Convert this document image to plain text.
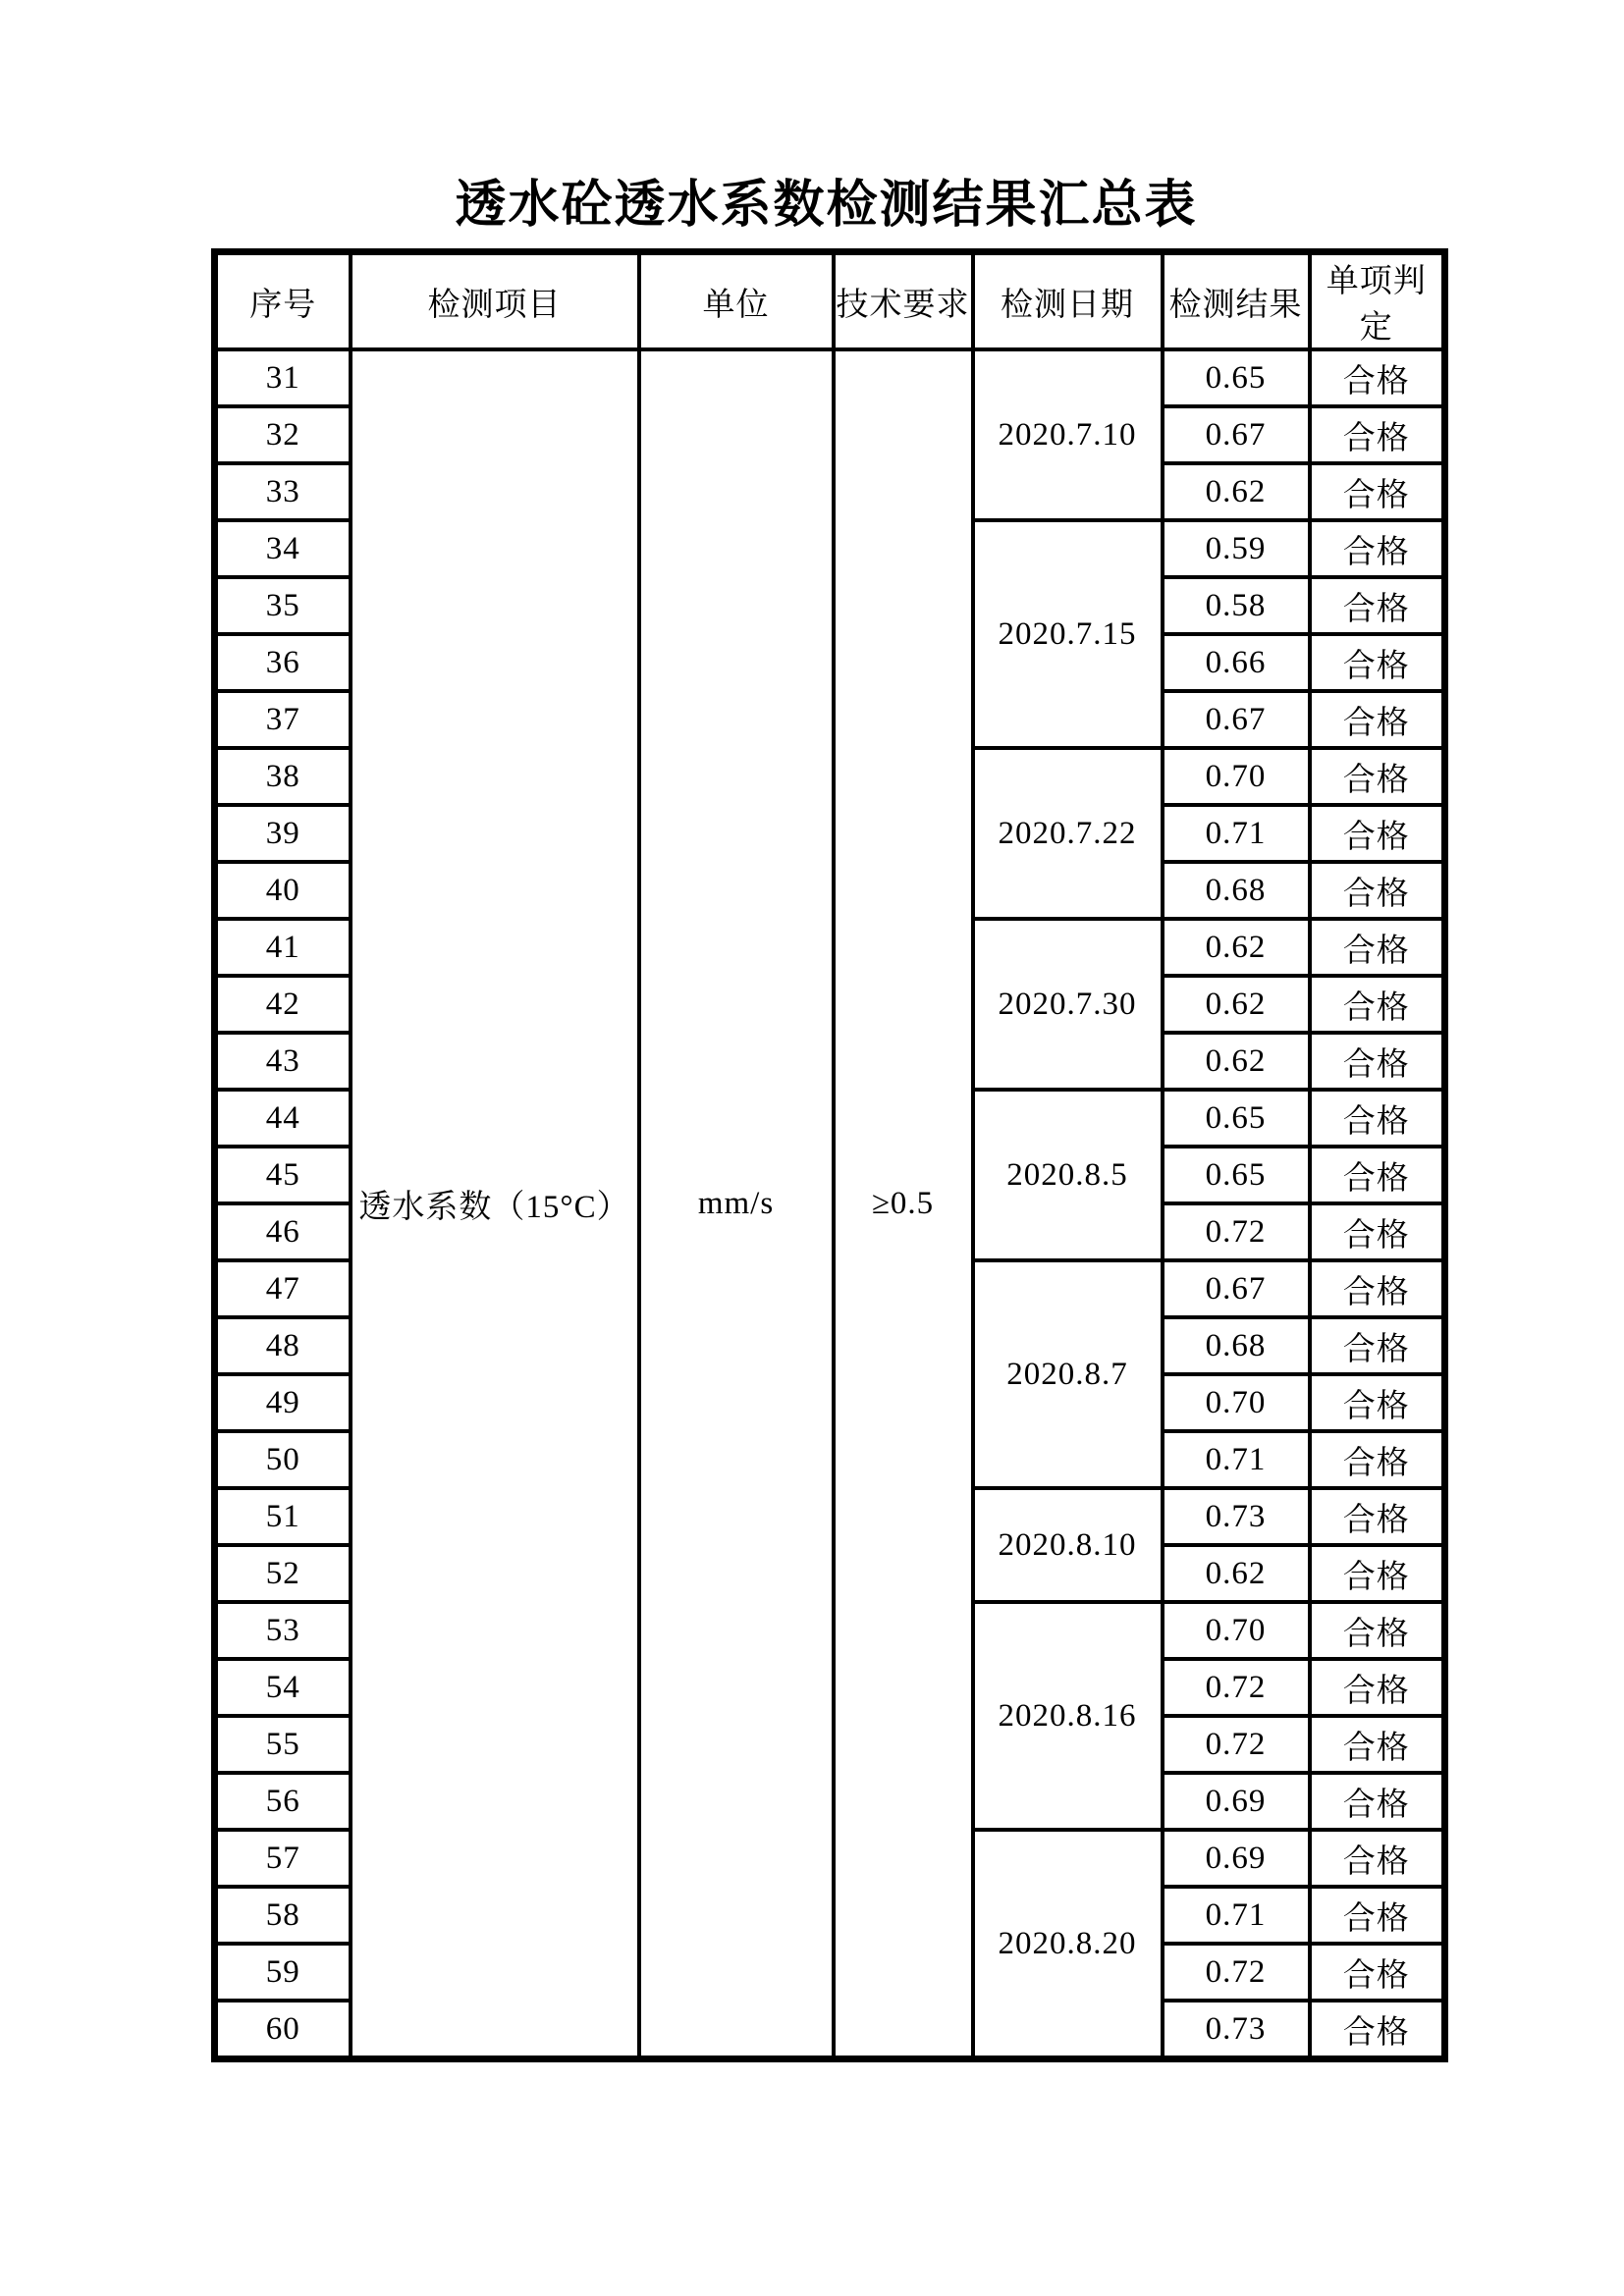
透水砼透水系数检测结果汇总表
序号	检测项目	单位	技术要求	检测日期	检测结果	单项判定
31	透水系数（15°C）	mm/s	≥0.5	2020.7.10	0.65	合格
32					0.67	合格
33					0.62	合格
34				2020.7.15	0.59	合格
35					0.58	合格
36					0.66	合格
37					0.67	合格
38				2020.7.22	0.70	合格
39					0.71	合格
40					0.68	合格
41				2020.7.30	0.62	合格
42					0.62	合格
43					0.62	合格
44				2020.8.5	0.65	合格
45					0.65	合格
46					0.72	合格
47				2020.8.7	0.67	合格
48					0.68	合格
49					0.70	合格
50					0.71	合格
51				2020.8.10	0.73	合格
52					0.62	合格
53				2020.8.16	0.70	合格
54					0.72	合格
55					0.72	合格
56					0.69	合格
57				2020.8.20	0.69	合格
58					0.71	合格
59					0.72	合格
60					0.73	合格
